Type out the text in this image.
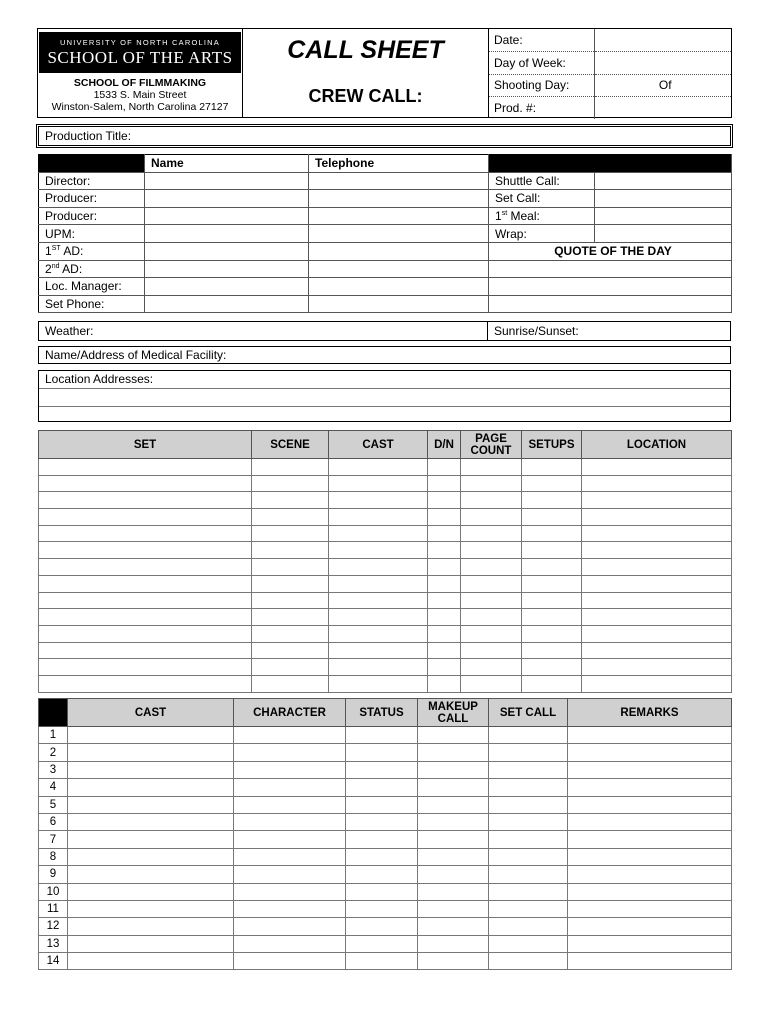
UNIVERSITY OF NORTH CAROLINA
SCHOOL OF THE ARTS
SCHOOL OF FILMMAKING
1533 S. Main Street
Winston-Salem, North Carolina 27127
CALL SHEET
CREW CALL:
Date:	
Day of Week:	
Shooting Day:	Of
Prod. #:	
Production Title:
	Name	Telephone		
Director:			Shuttle Call:	
Producer:			Set Call:	
Producer:			1st Meal:	
UPM:			Wrap:	
1ST AD:			QUOTE OF THE DAY	
2nd AD:				
Loc. Manager:				
Set Phone:				
Weather:	Sunrise/Sunset:
Name/Address of Medical Facility:
Location Addresses:
SET	SCENE	CAST	D/N	PAGE COUNT	SETUPS	LOCATION

	CAST	CHARACTER	STATUS	MAKEUP CALL	SET CALL	REMARKS
1						
2						
3						
4						
5						
6						
7						
8						
9						
10						
11						
12						
13						
14						
